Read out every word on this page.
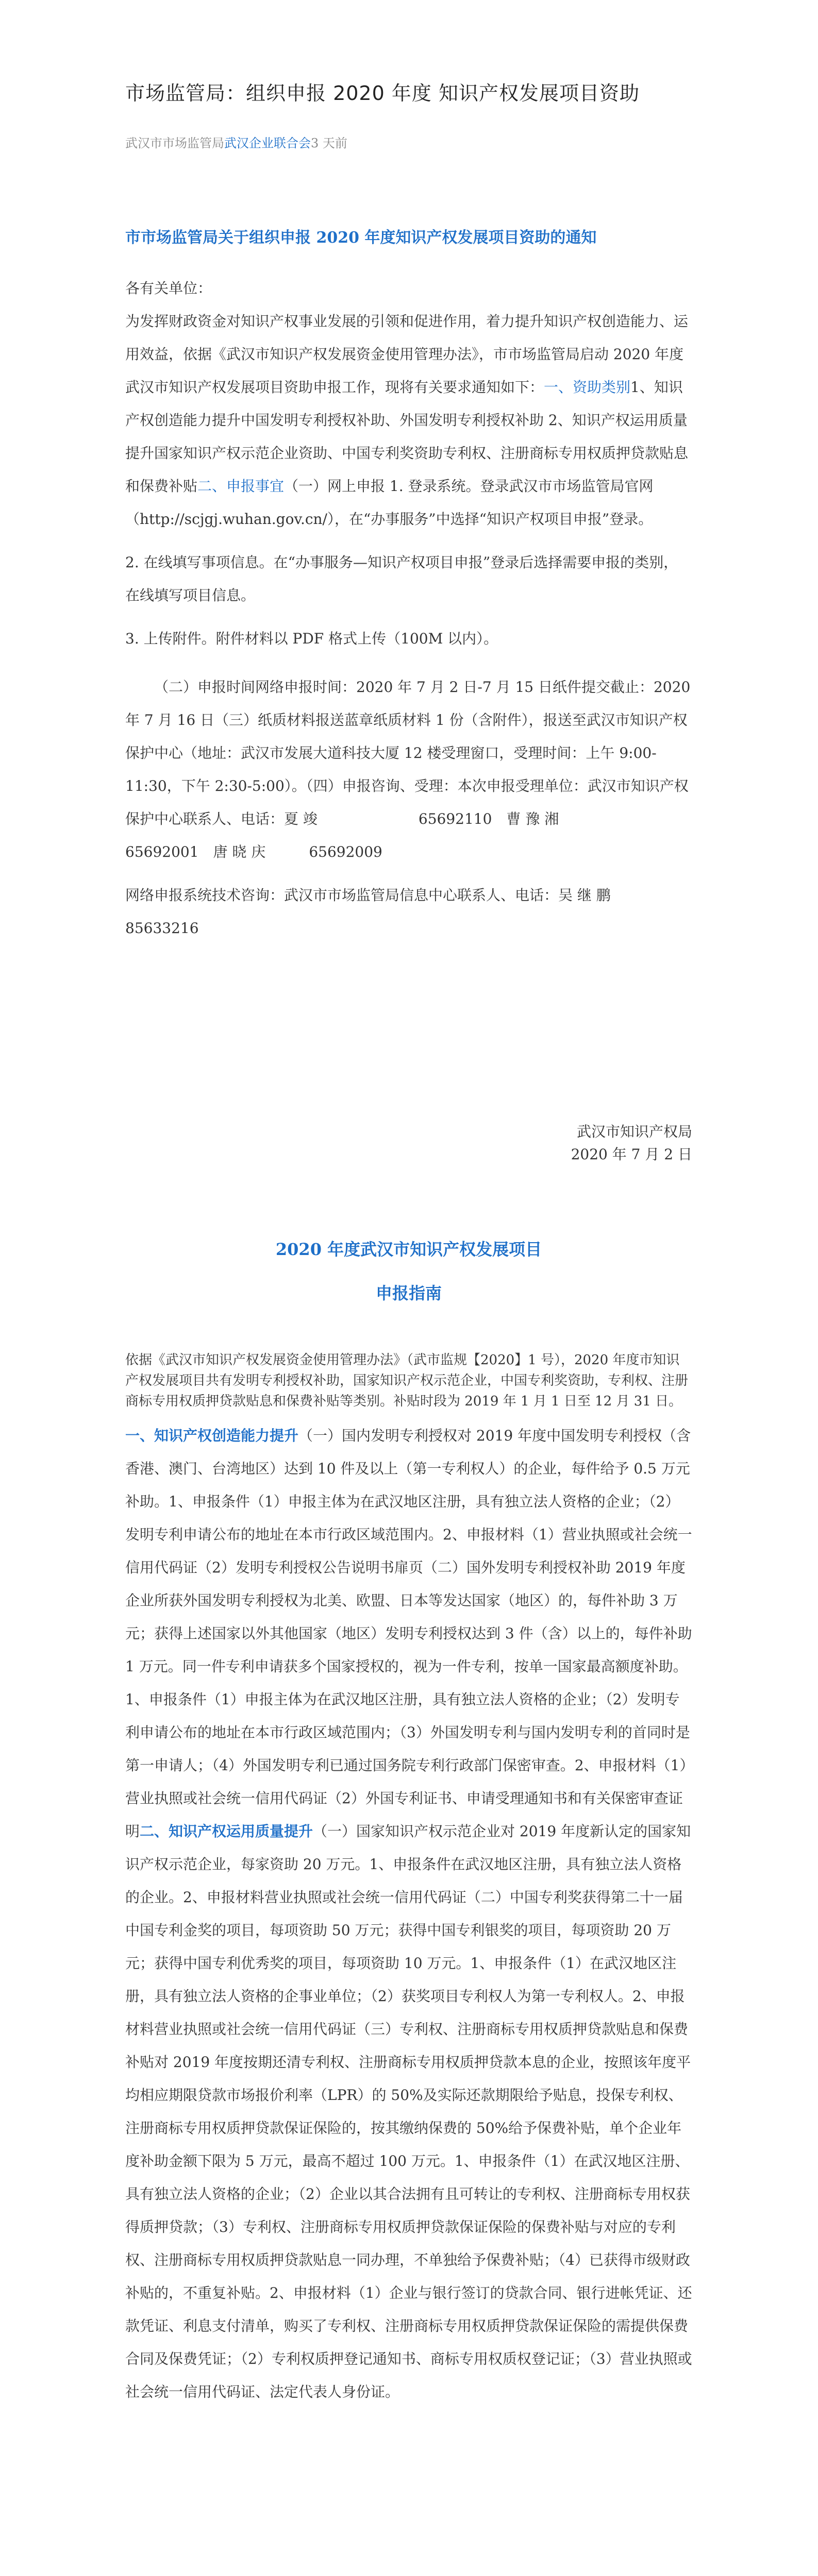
市场监管局：组织申报 2020 年度 知识产权发展项目资助
武汉市市场监管局武汉企业联合会3 天前
市市场监管局关于组织申报 2020 年度知识产权发展项目资助的通知
各有关单位：
为发挥财政资金对知识产权事业发展的引领和促进作用，着力提升知识产权创造能力、运用效益，依据《武汉市知识产权发展资金使用管理办法》，市市场监管局启动 2020 年度武汉市知识产权发展项目资助申报工作，现将有关要求通知如下：一、资助类别1、知识产权创造能力提升中国发明专利授权补助、外国发明专利授权补助 2、知识产权运用质量提升国家知识产权示范企业资助、中国专利奖资助专利权、注册商标专用权质押贷款贴息和保费补贴二、申报事宜（一）网上申报 1. 登录系统。登录武汉市市场监管局官网（http://scjgj.wuhan.gov.cn/），在“办事服务”中选择“知识产权项目申报”登录。
2. 在线填写事项信息。在“办事服务—知识产权项目申报”登录后选择需要申报的类别，在线填写项目信息。
3. 上传附件。附件材料以 PDF 格式上传（100M 以内）。
（二）申报时间网络申报时间：2020 年 7 月 2 日-7 月 15 日纸件提交截止：2020 年 7 月 16 日（三）纸质材料报送蓝章纸质材料 1 份（含附件），报送至武汉市知识产权保护中心（地址：武汉市发展大道科技大厦 12 楼受理窗口，受理时间：上午 9:00-11:30，下午 2:30-5:00）。（四）申报咨询、受理：本次申报受理单位：武汉市知识产权保护中心联系人、电话：夏 竣　　　　　　　65692110　曹 豫 湘　　　　　65692001　唐 晓 庆　　　65692009
网络申报系统技术咨询：武汉市市场监管局信息中心联系人、电话：吴 继 鹏　　　85633216
武汉市知识产权局
2020 年 7 月 2 日
2020 年度武汉市知识产权发展项目
申报指南
依据《武汉市知识产权发展资金使用管理办法》（武市监规【2020】1 号），2020 年度市知识产权发展项目共有发明专利授权补助，国家知识产权示范企业，中国专利奖资助，专利权、注册商标专用权质押贷款贴息和保费补贴等类别。补贴时段为 2019 年 1 月 1 日至 12 月 31 日。
一、知识产权创造能力提升（一）国内发明专利授权对 2019 年度中国发明专利授权（含香港、澳门、台湾地区）达到 10 件及以上（第一专利权人）的企业，每件给予 0.5 万元补助。1、申报条件（1）申报主体为在武汉地区注册，具有独立法人资格的企业；（2）发明专利申请公布的地址在本市行政区域范围内。2、申报材料（1）营业执照或社会统一信用代码证（2）发明专利授权公告说明书扉页（二）国外发明专利授权补助 2019 年度企业所获外国发明专利授权为北美、欧盟、日本等发达国家（地区）的，每件补助 3 万元；获得上述国家以外其他国家（地区）发明专利授权达到 3 件（含）以上的，每件补助 1 万元。同一件专利申请获多个国家授权的，视为一件专利，按单一国家最高额度补助。1、申报条件（1）申报主体为在武汉地区注册，具有独立法人资格的企业；（2）发明专利申请公布的地址在本市行政区域范围内；（3）外国发明专利与国内发明专利的首同时是第一申请人；（4）外国发明专利已通过国务院专利行政部门保密审查。2、申报材料（1）营业执照或社会统一信用代码证（2）外国专利证书、申请受理通知书和有关保密审查证明二、知识产权运用质量提升（一）国家知识产权示范企业对 2019 年度新认定的国家知识产权示范企业，每家资助 20 万元。1、申报条件在武汉地区注册，具有独立法人资格的企业。2、申报材料营业执照或社会统一信用代码证（二）中国专利奖获得第二十一届中国专利金奖的项目，每项资助 50 万元；获得中国专利银奖的项目，每项资助 20 万元；获得中国专利优秀奖的项目，每项资助 10 万元。1、申报条件（1）在武汉地区注册，具有独立法人资格的企事业单位；（2）获奖项目专利权人为第一专利权人。2、申报材料营业执照或社会统一信用代码证（三）专利权、注册商标专用权质押贷款贴息和保费补贴对 2019 年度按期还清专利权、注册商标专用权质押贷款本息的企业，按照该年度平均相应期限贷款市场报价利率（LPR）的 50%及实际还款期限给予贴息，投保专利权、注册商标专用权质押贷款保证保险的，按其缴纳保费的 50%给予保费补贴，单个企业年度补助金额下限为 5 万元，最高不超过 100 万元。1、申报条件（1）在武汉地区注册、具有独立法人资格的企业；（2）企业以其合法拥有且可转让的专利权、注册商标专用权获得质押贷款；（3）专利权、注册商标专用权质押贷款保证保险的保费补贴与对应的专利权、注册商标专用权质押贷款贴息一同办理，不单独给予保费补贴；（4）已获得市级财政补贴的，不重复补贴。2、申报材料（1）企业与银行签订的贷款合同、银行进帐凭证、还款凭证、利息支付清单，购买了专利权、注册商标专用权质押贷款保证保险的需提供保费合同及保费凭证；（2）专利权质押登记通知书、商标专用权质权登记证；（3）营业执照或社会统一信用代码证、法定代表人身份证。
